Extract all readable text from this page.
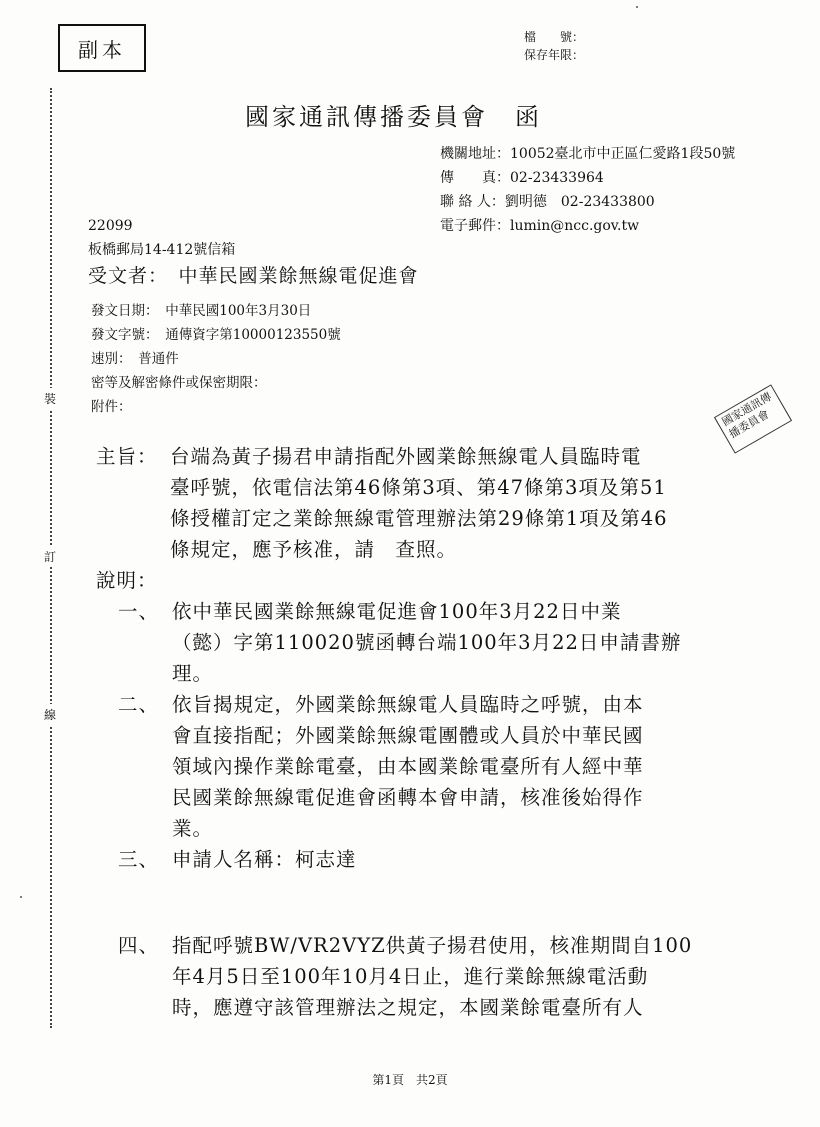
副本
檔　　號：
保存年限：
裝
訂
線
國家通訊傳播委員會　函
機關地址：10052臺北市中正區仁愛路1段50號
傳　　真：02-23433964
聯 絡 人：劉明德　02-23433800
電子郵件：lumin@ncc.gov.tw
22099
板橋郵局14-412號信箱
受文者：　中華民國業餘無線電促進會
發文日期：　中華民國100年3月30日
發文字號：　通傳資字第10000123550號
速別：　普通件
密等及解密條件或保密期限：
附件：	國家通訊傳播委員會
主旨： 台端為黃子揚君申請指配外國業餘無線電人員臨時電
臺呼號，依電信法第46條第3項、第47條第3項及第51
條授權訂定之業餘無線電管理辦法第29條第1項及第46
條規定，應予核准，請　查照。
說明：
一、 依中華民國業餘無線電促進會100年3月22日中業
（懿）字第110020號函轉台端100年3月22日申請書辦
理。
二、 依旨揭規定，外國業餘無線電人員臨時之呼號，由本
會直接指配；外國業餘無線電團體或人員於中華民國
領域內操作業餘電臺，由本國業餘電臺所有人經中華
民國業餘無線電促進會函轉本會申請，核准後始得作
業。
三、 申請人名稱：柯志達
四、 指配呼號BW/VR2VYZ供黃子揚君使用，核准期間自100
年4月5日至100年10月4日止，進行業餘無線電活動
時，應遵守該管理辦法之規定，本國業餘電臺所有人
第1頁　共2頁
